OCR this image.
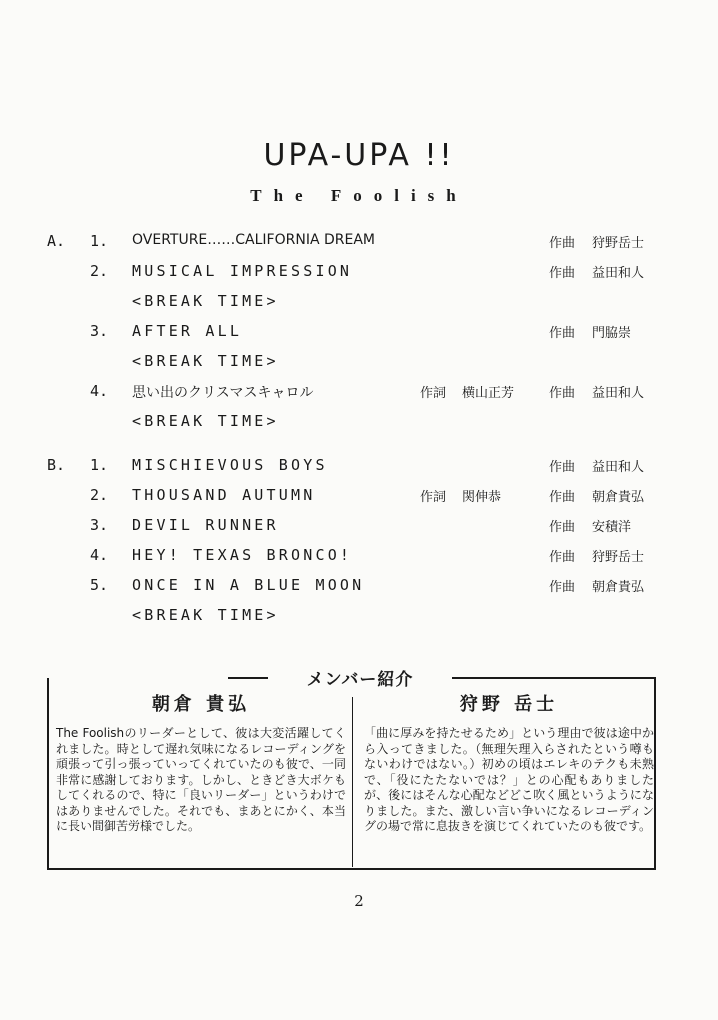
UPA-UPA !!
The Foolish
A. 1. OVERTURE……CALIFORNIA DREAM	作曲 狩野岳士
2. MUSICAL IMPRESSION	作曲 益田和人
<BREAK TIME>
3. AFTER ALL	作曲 門脇崇
<BREAK TIME>
4. 思い出のクリスマスキャロル	作詞 横山正芳	作曲 益田和人
<BREAK TIME>
B. 1. MISCHIEVOUS BOYS	作曲 益田和人
2. THOUSAND AUTUMN	作詞 関伸恭	作曲 朝倉貴弘
3. DEVIL RUNNER	作曲 安積洋
4. HEY! TEXAS BRONCO!	作曲 狩野岳士
5. ONCE IN A BLUE MOON	作曲 朝倉貴弘
<BREAK TIME>
メンバー紹介
朝倉 貴弘
The Foolishのリーダーとして、彼は大変活躍してくれました。時として遅れ気味になるレコーディングを頑張って引っ張っていってくれていたのも彼で、一同非常に感謝しております。しかし、ときどき大ボケもしてくれるので、特に「良いリーダー」というわけではありませんでした。それでも、まあとにかく、本当に長い間御苦労様でした。
狩野 岳士
「曲に厚みを持たせるため」という理由で彼は途中から入ってきました。（無理矢理入らされたという噂もないわけではない。）初めの頃はエレキのテクも未熟で、「役にたたないでは？」との心配もありましたが、後にはそんな心配などどこ吹く風というようになりました。また、激しい言い争いになるレコーディングの場で常に息抜きを演じてくれていたのも彼です。
2
